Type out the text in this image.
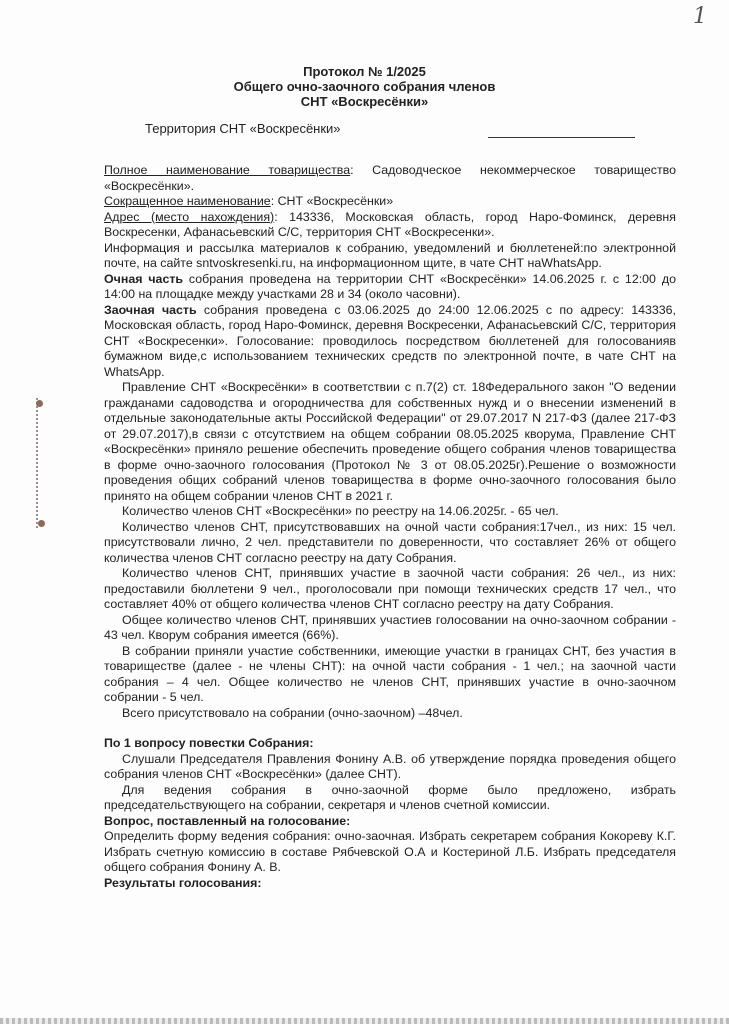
1
Протокол № 1/2025
Общего очно-заочного собрания членов
СНТ «Воскресёнки»
Территория СНТ «Воскресёнки»

Полное наименование товарищества: Садоводческое некоммерческое товарищество «Воскресёнки».

Сокращенное наименование: СНТ «Воскресёнки»

Адрес (место нахождения): 143336, Московская область, город Наро-Фоминск, деревня Воскресенки, Афанасьевский С/С, территория СНТ «Воскресенки».

Информация и рассылка материалов к собранию, уведомлений и бюллетеней:по электронной почте, на сайте sntvoskresenki.ru, на информационном щите, в чате СНТ наWhatsApp.

Очная часть собрания проведена на территории СНТ «Воскресёнки» 14.06.2025 г. с 12:00 до 14:00 на площадке между участками 28 и 34 (около часовни).

Заочная часть собрания проведена с 03.06.2025 до 24:00 12.06.2025 с по адресу: 143336, Московская область, город Наро-Фоминск, деревня Воскресенки, Афанасьевский С/С, территория СНТ «Воскресенки». Голосование: проводилось посредством бюллетеней для голосованияв бумажном виде,с использованием технических средств по электронной почте, в чате СНТ на WhatsApp.

Правление СНТ «Воскресёнки» в соответствии с п.7(2) ст. 18Федерального закон "О ведении гражданами садоводства и огородничества для собственных нужд и о внесении изменений в отдельные законодательные акты Российской Федерации" от 29.07.2017 N 217-ФЗ (далее 217-ФЗ от 29.07.2017),в связи с отсутствием на общем собрании 08.05.2025 кворума, Правление СНТ «Воскресёнки» приняло решение обеспечить проведение общего собрания членов товарищества в форме очно-заочного голосования (Протокол № 3 от 08.05.2025г).Решение о возможности проведения общих собраний членов товарищества в форме очно-заочного голосования было принято на общем собрании членов СНТ в 2021 г.

Количество членов СНТ «Воскресёнки» по реестру на 14.06.2025г. - 65 чел.

Количество членов СНТ, присутствовавших на очной части собрания:17чел., из них: 15 чел. присутствовали лично, 2 чел. представители по доверенности, что составляет 26% от общего количества членов СНТ согласно реестру на дату Собрания.

Количество членов СНТ, принявших участие в заочной части собрания: 26 чел., из них: предоставили бюллетени 9 чел., проголосовали при помощи технических средств 17 чел., что составляет 40% от общего количества членов СНТ согласно реестру на дату Собрания.

Общее количество членов СНТ, принявших участиев голосовании на очно-заочном собрании - 43 чел. Кворум собрания имеется (66%).

В собрании приняли участие собственники, имеющие участки в границах СНТ, без участия в товариществе (далее - не члены СНТ): на очной части собрания - 1 чел.; на заочной части собрания – 4 чел. Общее количество не членов СНТ, принявших участие в очно-заочном собрании - 5 чел.

Всего присутствовало на собрании (очно-заочном) –48чел.

По 1 вопросу повестки Собрания:

Слушали Председателя Правления Фонину А.В. об утверждение порядка проведения общего собрания членов СНТ «Воскресёнки» (далее СНТ).

Для ведения собрания в очно-заочной форме было предложено, избрать председательствующего на собрании, секретаря и членов счетной комиссии.

Вопрос, поставленный на голосование:

Определить форму ведения собрания: очно-заочная. Избрать секретарем собрания Кокореву К.Г. Избрать счетную комиссию в составе Рябчевской О.А и Костериной Л.Б. Избрать председателя общего собрания Фонину А. В.

Результаты голосования:
